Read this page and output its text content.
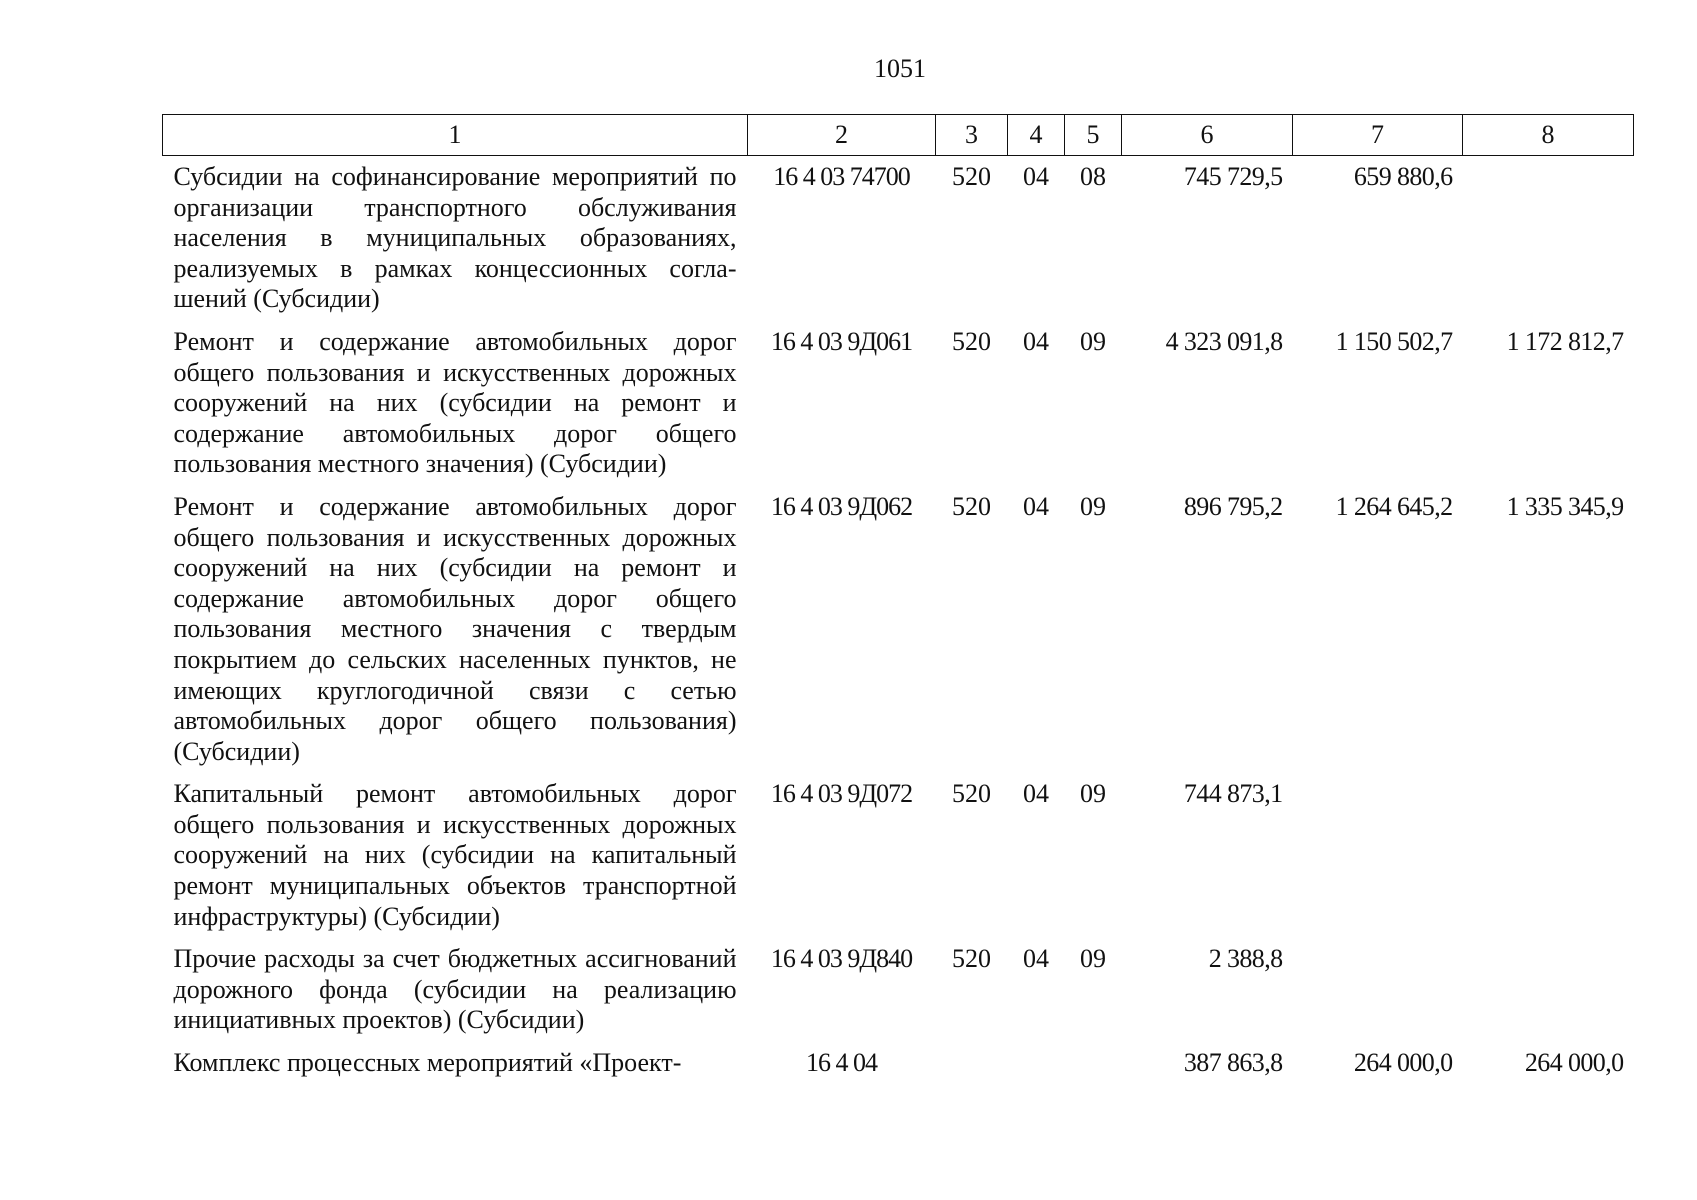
1051
1	2	3	4	5	6	7	8
Субсидии на софинансирование мероприятий по организации транспортного обслуживания населения в муниципальных образованиях, реализуемых в рамках концессионных соглашений (Субсидии)	16 4 03 74700	520	04	08	745 729,5	659 880,6	
Ремонт и содержание автомобильных дорог общего пользования и искусственных дорожных сооружений на них (субсидии на ремонт и содержание автомобильных дорог общего пользования местного значения) (Субсидии)	16 4 03 9Д061	520	04	09	4 323 091,8	1 150 502,7	1 172 812,7
Ремонт и содержание автомобильных дорог общего пользования и искусственных дорожных сооружений на них (субсидии на ремонт и содержание автомобильных дорог общего пользования местного значения с твердым покрытием до сельских населенных пунктов, не имеющих круглогодичной связи с сетью автомобильных дорог общего пользования) (Субсидии)	16 4 03 9Д062	520	04	09	896 795,2	1 264 645,2	1 335 345,9
Капитальный ремонт автомобильных дорог общего пользования и искусственных дорожных сооружений на них (субсидии на капитальный ремонт муниципальных объектов транспортной инфраструктуры) (Субсидии)	16 4 03 9Д072	520	04	09	744 873,1		
Прочие расходы за счет бюджетных ассигнований дорожного фонда (субсидии на реализацию инициативных проектов) (Субсидии)	16 4 03 9Д840	520	04	09	2 388,8		
Комплекс процессных мероприятий «Проект-	16 4 04				387 863,8	264 000,0	264 000,0
